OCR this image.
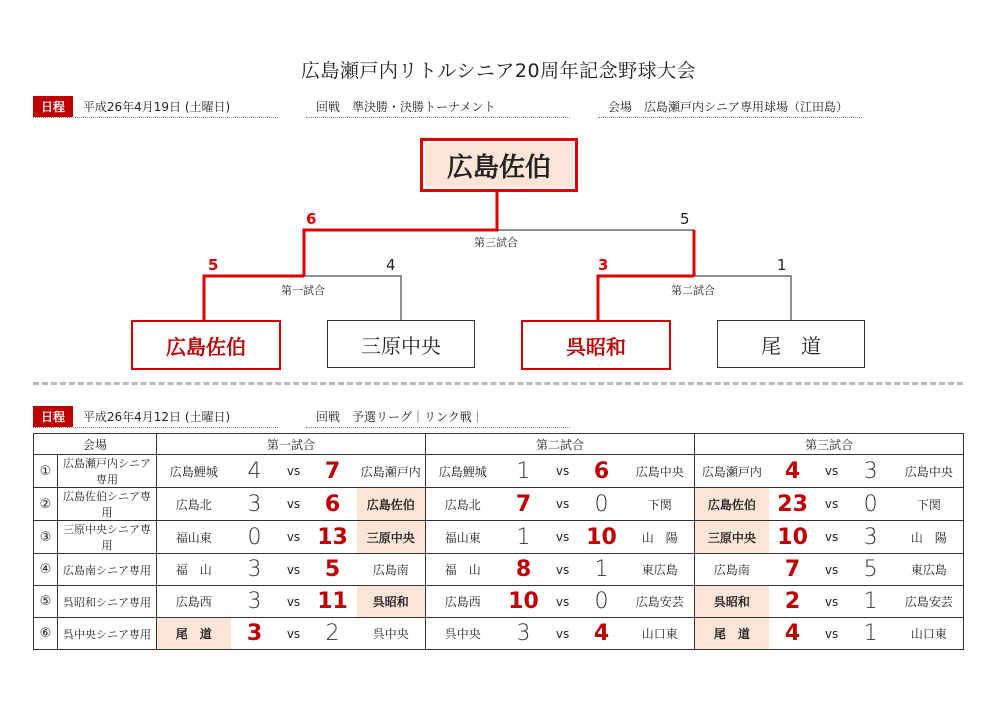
広島瀬戸内リトルシニア20周年記念野球大会
日程 平成26年4月19日 (土曜日)	回戦　準決勝・決勝トーナメント	会場　広島瀬戸内シニア専用球場（江田島）
広島佐伯
6	5
第三試合
5	4
第一試合
広島佐伯	三原中央
3	1
第二試合
呉昭和	尾　道
日程 平成26年4月12日 (土曜日)	回戦　予選リーグ｜リンク戦｜
会場		第一試合					第二試合					第三試合				
①	広島瀬戸内シニア専用	広島鯉城	4	vs	7	広島瀬戸内	広島鯉城	1	vs	6	広島中央	広島瀬戸内	4	vs	3	広島中央
②	広島佐伯シニア専用	広島北	3	vs	6	広島佐伯	広島北	7	vs	0	下関	広島佐伯	23	vs	0	下関
③	三原中央シニア専用	福山東	0	vs	13	三原中央	福山東	1	vs	10	山　陽	三原中央	10	vs	3	山　陽
④	広島南シニア専用	福　山	3	vs	5	広島南	福　山	8	vs	1	東広島	広島南	7	vs	5	東広島
⑤	呉昭和シニア専用	広島西	3	vs	11	呉昭和	広島西	10	vs	0	広島安芸	呉昭和	2	vs	1	広島安芸
⑥	呉中央シニア専用	尾　道	3	vs	2	呉中央	呉中央	3	vs	4	山口東	尾　道	4	vs	1	山口東
